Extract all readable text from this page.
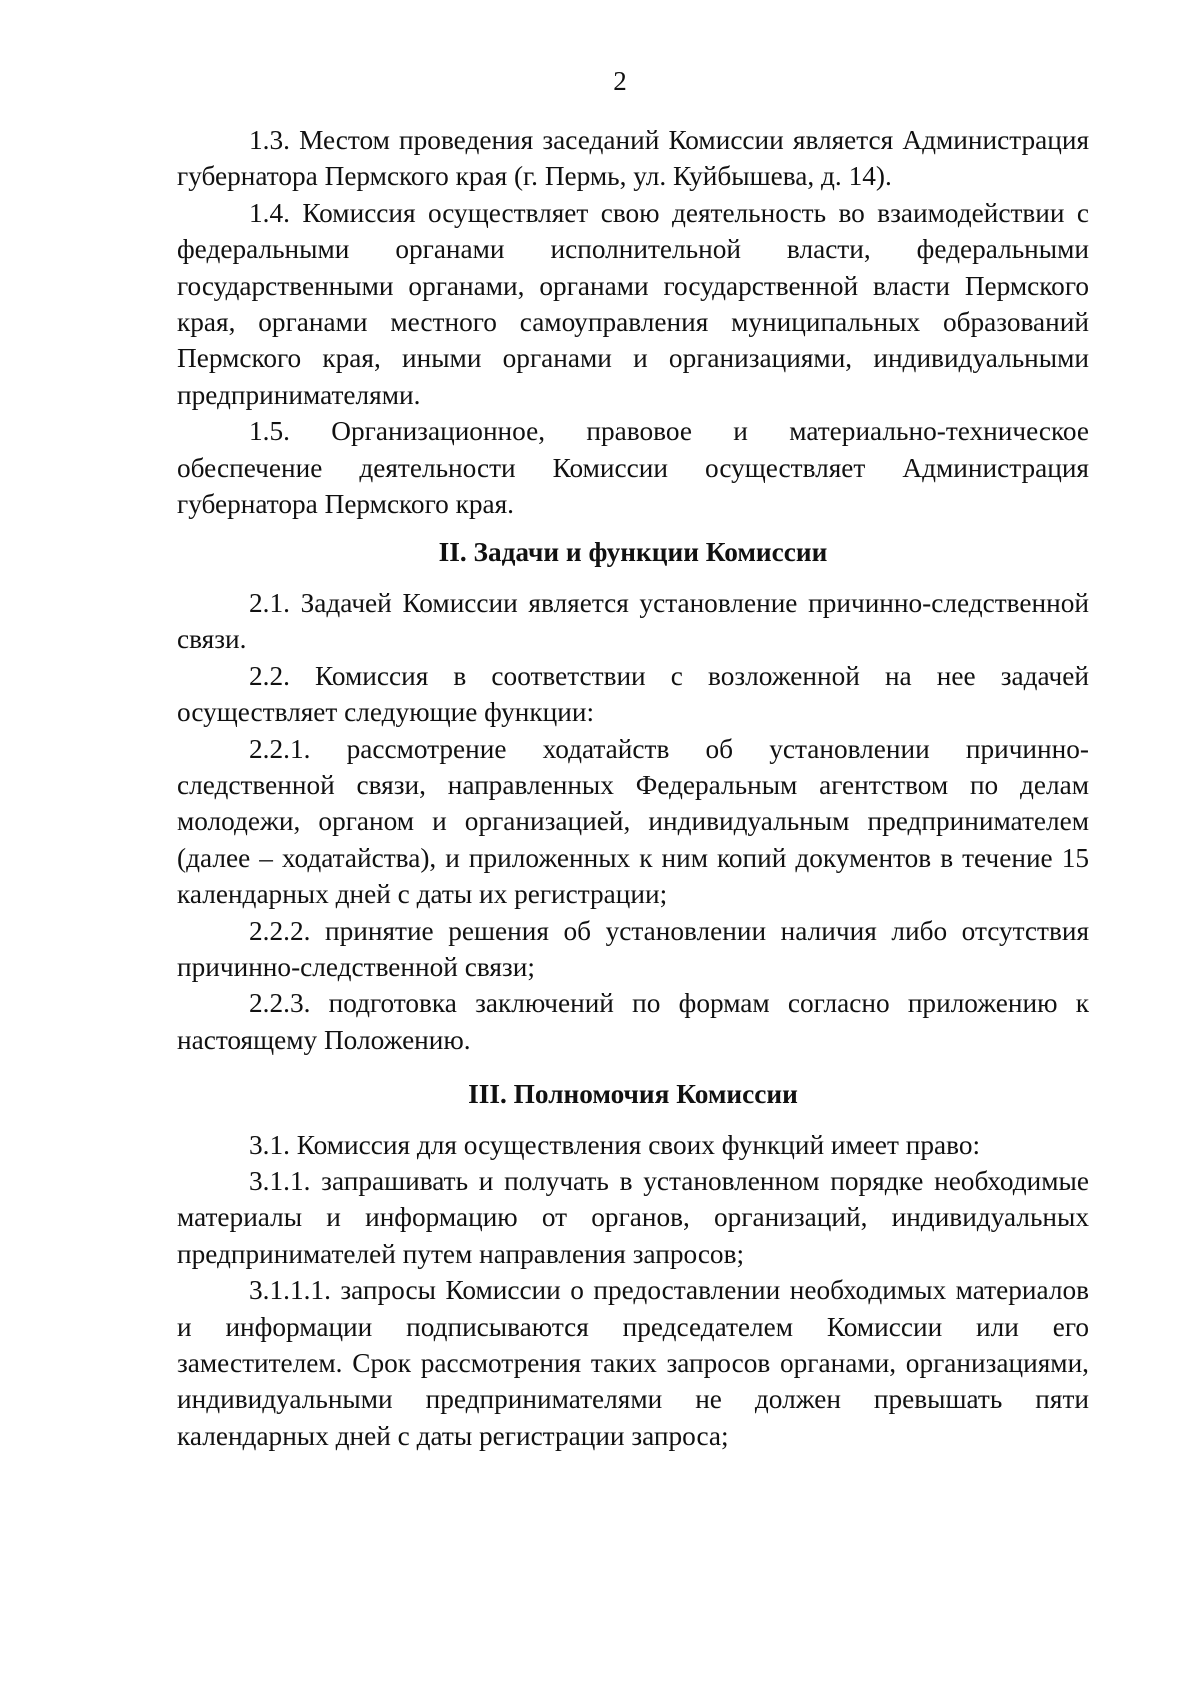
2

1.3. Местом проведения заседаний Комиссии является Администрация губернатора Пермского края (г. Пермь, ул. Куйбышева, д. 14).

1.4. Комиссия осуществляет свою деятельность во взаимодействии с федеральными органами исполнительной власти, федеральными государственными органами, органами государственной власти Пермского края, органами местного самоуправления муниципальных образований Пермского края, иными органами и организациями, индивидуальными предпринимателями.

1.5. Организационное, правовое и материально-техническое обеспечение деятельности Комиссии осуществляет Администрация губернатора Пермского края.

II. Задачи и функции Комиссии

2.1. Задачей Комиссии является установление причинно-следственной связи.

2.2. Комиссия в соответствии с возложенной на нее задачей осуществляет следующие функции:

2.2.1. рассмотрение ходатайств об установлении причинно-следственной связи, направленных Федеральным агентством по делам молодежи, органом и организацией, индивидуальным предпринимателем (далее – ходатайства), и приложенных к ним копий документов в течение 15 календарных дней с даты их регистрации;

2.2.2. принятие решения об установлении наличия либо отсутствия причинно-следственной связи;

2.2.3. подготовка заключений по формам согласно приложению к настоящему Положению.

III. Полномочия Комиссии

3.1. Комиссия для осуществления своих функций имеет право:

3.1.1. запрашивать и получать в установленном порядке необходимые материалы и информацию от органов, организаций, индивидуальных предпринимателей путем направления запросов;

3.1.1.1. запросы Комиссии о предоставлении необходимых материалов и информации подписываются председателем Комиссии или его заместителем. Срок рассмотрения таких запросов органами, организациями, индивидуальными предпринимателями не должен превышать пяти календарных дней с даты регистрации запроса;
